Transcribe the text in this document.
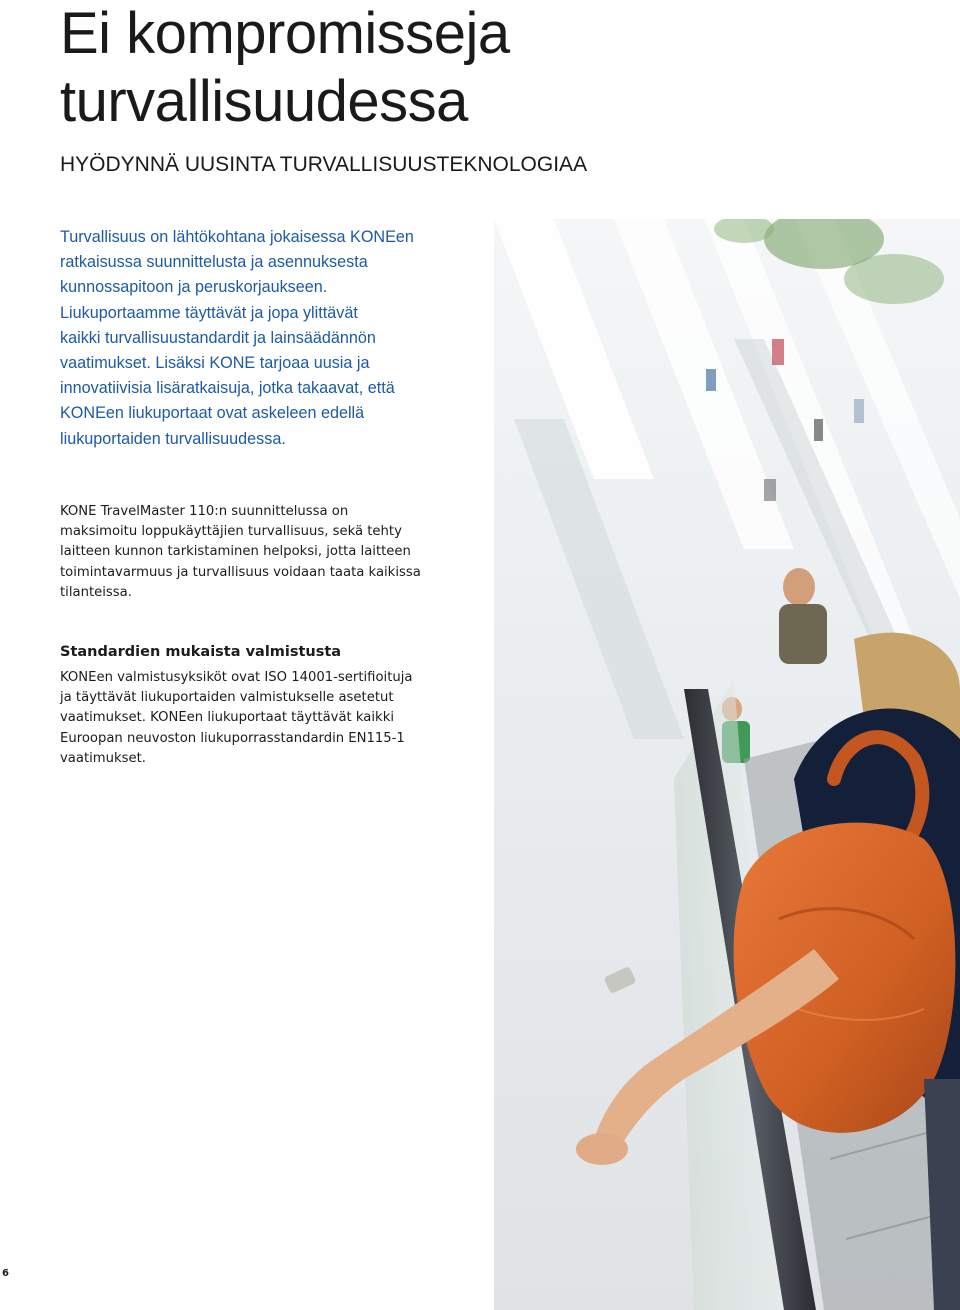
Ei kompromisseja
turvallisuudessa
HYÖDYNNÄ UUSINTA TURVALLISUUSTEKNOLOGIAA

Turvallisuus on lähtökohtana jokaisessa KONEen
ratkaisussa suunnittelusta ja asennuksesta
kunnossapitoon ja peruskorjaukseen.
Liukuportaamme täyttävät ja jopa ylittävät
kaikki turvallisuustandardit ja lainsäädännön
vaatimukset. Lisäksi KONE tarjoaa uusia ja
innovatiivisia lisäratkaisuja, jotka takaavat, että
KONEen liukuportaat ovat askeleen edellä
liukuportaiden turvallisuudessa.

KONE TravelMaster 110:n suunnittelussa on
maksimoitu loppukäyttäjien turvallisuus, sekä tehty
laitteen kunnon tarkistaminen helpoksi, jotta laitteen
toimintavarmuus ja turvallisuus voidaan taata kaikissa
tilanteissa.

Standardien mukaista valmistusta

KONEen valmistusyksiköt ovat ISO 14001-sertifioituja
ja täyttävät liukuportaiden valmistukselle asetetut
vaatimukset. KONEen liukuportaat täyttävät kaikki
Euroopan neuvoston liukuporrasstandardin EN115-1
vaatimukset.

6
